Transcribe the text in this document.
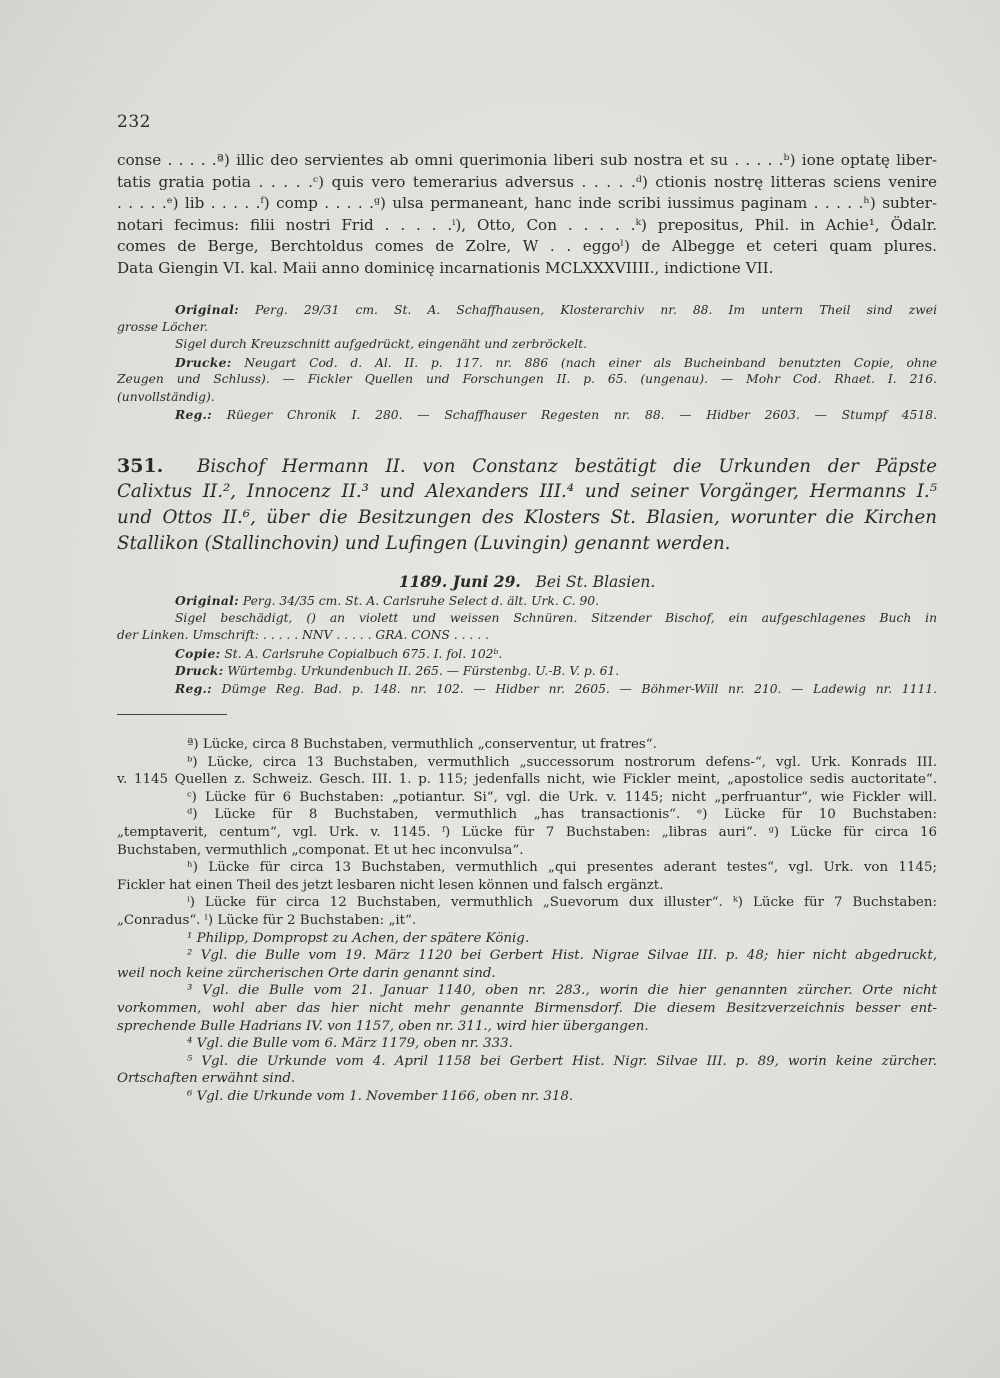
232
conse . . . . .ª) illic deo servientes ab omni querimonia liberi sub nostra et su . . . . .ᵇ) ione optatę liber-
tatis gratia potia . . . . .ᶜ) quis vero temerarius adversus . . . . .ᵈ) ctionis nostrę litteras sciens venire
. . . . .ᵉ) lib . . . . .ᶠ) comp . . . . .ᵍ) ulsa permaneant, hanc inde scribi iussimus paginam . . . . .ʰ) subter-
notari fecimus: filii nostri Frid . . . . .ⁱ), Otto, Con . . . . .ᵏ) prepositus, Phil. in Achie¹, Ödalr.
comes de Berge, Berchtoldus comes de Zolre, W . . eggoˡ) de Albegge et ceteri quam plures.
Data Giengin VI. kal. Maii anno dominicę incarnationis MCLXXXVIIII., indictione VII.
Original: Perg. 29/31 cm. St. A. Schaffhausen, Klosterarchiv nr. 88. Im untern Theil sind zwei
grosse Löcher.
Sigel durch Kreuzschnitt aufgedrückt, eingenäht und zerbröckelt.
Drucke: Neugart Cod. d. Al. II. p. 117. nr. 886 (nach einer als Bucheinband benutzten Copie, ohne
Zeugen und Schluss). — Fickler Quellen und Forschungen II. p. 65. (ungenau). — Mohr Cod. Rhaet. I. 216.
(unvollständig).
Reg.: Rüeger Chronik I. 280. — Schaffhauser Regesten nr. 88. — Hidber 2603. — Stumpf 4518.
351. Bischof Hermann II. von Constanz bestätigt die Urkunden der Päpste
Calixtus II.², Innocenz II.³ und Alexanders III.⁴ und seiner Vorgänger, Hermanns I.⁵
und Ottos II.⁶, über die Besitzungen des Klosters St. Blasien, worunter die Kirchen
Stallikon (Stallinchovin) und Lufingen (Luvingin) genannt werden.
1189. Juni 29. Bei St. Blasien.
Original: Perg. 34/35 cm. St. A. Carlsruhe Select d. ält. Urk. C. 90.
Sigel beschädigt, () an violett und weissen Schnüren. Sitzender Bischof, ein aufgeschlagenes Buch in
der Linken. Umschrift: . . . . . NNV . . . . . GRA. CONS . . . . .
Copie: St. A. Carlsruhe Copialbuch 675. I. fol. 102ᵇ.
Druck: Würtembg. Urkundenbuch II. 265. — Fürstenbg. U.-B. V. p. 61.
Reg.: Dümge Reg. Bad. p. 148. nr. 102. — Hidber nr. 2605. — Böhmer-Will nr. 210. — Ladewig nr. 1111.
ª) Lücke, circa 8 Buchstaben, vermuthlich „conserventur, ut fratres“.
ᵇ) Lücke, circa 13 Buchstaben, vermuthlich „successorum nostrorum defens-“, vgl. Urk. Konrads III.
v. 1145 Quellen z. Schweiz. Gesch. III. 1. p. 115; jedenfalls nicht, wie Fickler meint, „apostolice sedis auctoritate“.
ᶜ) Lücke für 6 Buchstaben: „potiantur. Si“, vgl. die Urk. v. 1145; nicht „perfruantur“, wie Fickler will.
ᵈ) Lücke für 8 Buchstaben, vermuthlich „has transactionis“. ᵉ) Lücke für 10 Buchstaben:
„temptaverit, centum“, vgl. Urk. v. 1145. ᶠ) Lücke für 7 Buchstaben: „libras auri“. ᵍ) Lücke für circa 16
Buchstaben, vermuthlich „componat. Et ut hec inconvulsa“.
ʰ) Lücke für circa 13 Buchstaben, vermuthlich „qui presentes aderant testes“, vgl. Urk. von 1145;
Fickler hat einen Theil des jetzt lesbaren nicht lesen können und falsch ergänzt.
ⁱ) Lücke für circa 12 Buchstaben, vermuthlich „Suevorum dux illuster“. ᵏ) Lücke für 7 Buchstaben:
„Conradus“. ˡ) Lücke für 2 Buchstaben: „it“.
¹ Philipp, Dompropst zu Achen, der spätere König.
² Vgl. die Bulle vom 19. März 1120 bei Gerbert Hist. Nigrae Silvae III. p. 48; hier nicht abgedruckt,
weil noch keine zürcherischen Orte darin genannt sind.
³ Vgl. die Bulle vom 21. Januar 1140, oben nr. 283., worin die hier genannten zürcher. Orte nicht
vorkommen, wohl aber das hier nicht mehr genannte Birmensdorf. Die diesem Besitzverzeichnis besser ent-
sprechende Bulle Hadrians IV. von 1157, oben nr. 311., wird hier übergangen.
⁴ Vgl. die Bulle vom 6. März 1179, oben nr. 333.
⁵ Vgl. die Urkunde vom 4. April 1158 bei Gerbert Hist. Nigr. Silvae III. p. 89, worin keine zürcher.
Ortschaften erwähnt sind.
⁶ Vgl. die Urkunde vom 1. November 1166, oben nr. 318.
